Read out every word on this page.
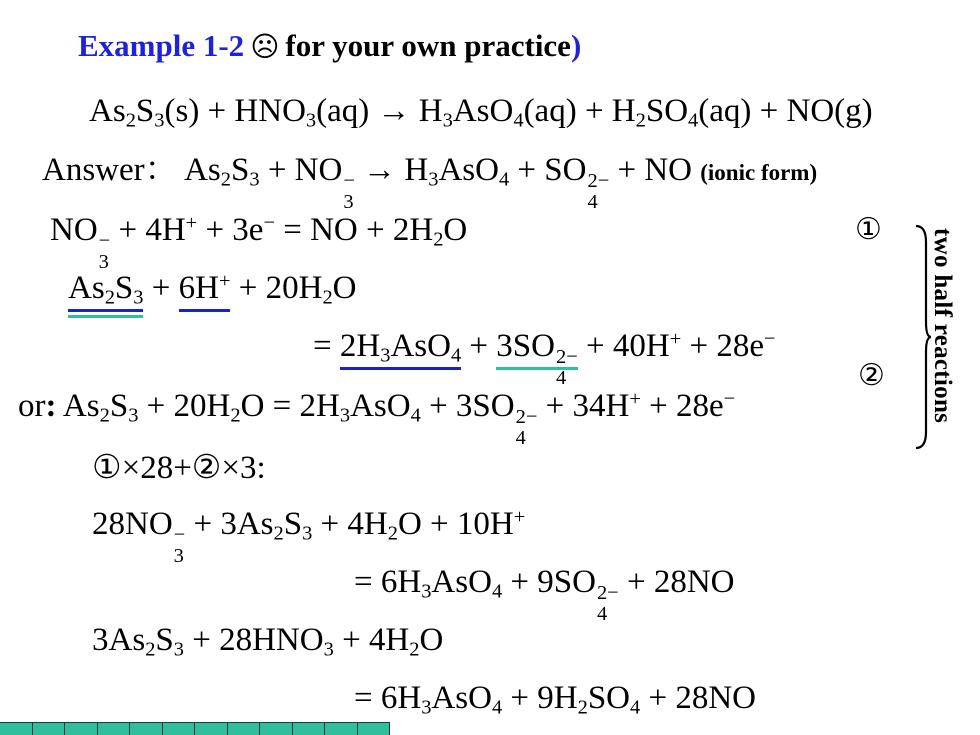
Example 1-2 ☹ for your own practice)
$As_2S_3(s) + HNO_3(aq) \to H_3AsO_4(aq) + H_2SO_4(aq) + NO(g)$
Answer： $As_2S_3$ + NO −
3
→ $H_3AsO_4$ + SO 2−
4
+ NO (ionic form)
NO −
3
+ 4H+ + 3e− = NO + $2H_2O$	①
$As_2S_3 + 6H^+ + 20H_2O$
= $2H_3AsO_4 + 3SO$ 2−
4
+ 40H+ + 28e−
②
or: $As_2S_3 + 20H_2O = 2H_3AsO_4 + 3SO$ 2−
4
+ 34H+ + 28e−	two half reactions
①×28+②×3:
28NO −
3
+ $3As_2S_3 + 4H_2O + 10H^+$
= $6H_3AsO_4 + 9SO$ 2−
4
+ 28NO
$3As_2S_3 + 28HNO_3 + 4H_2O$
= $6H_3AsO_4 + 9H_2SO_4 + 28NO$
